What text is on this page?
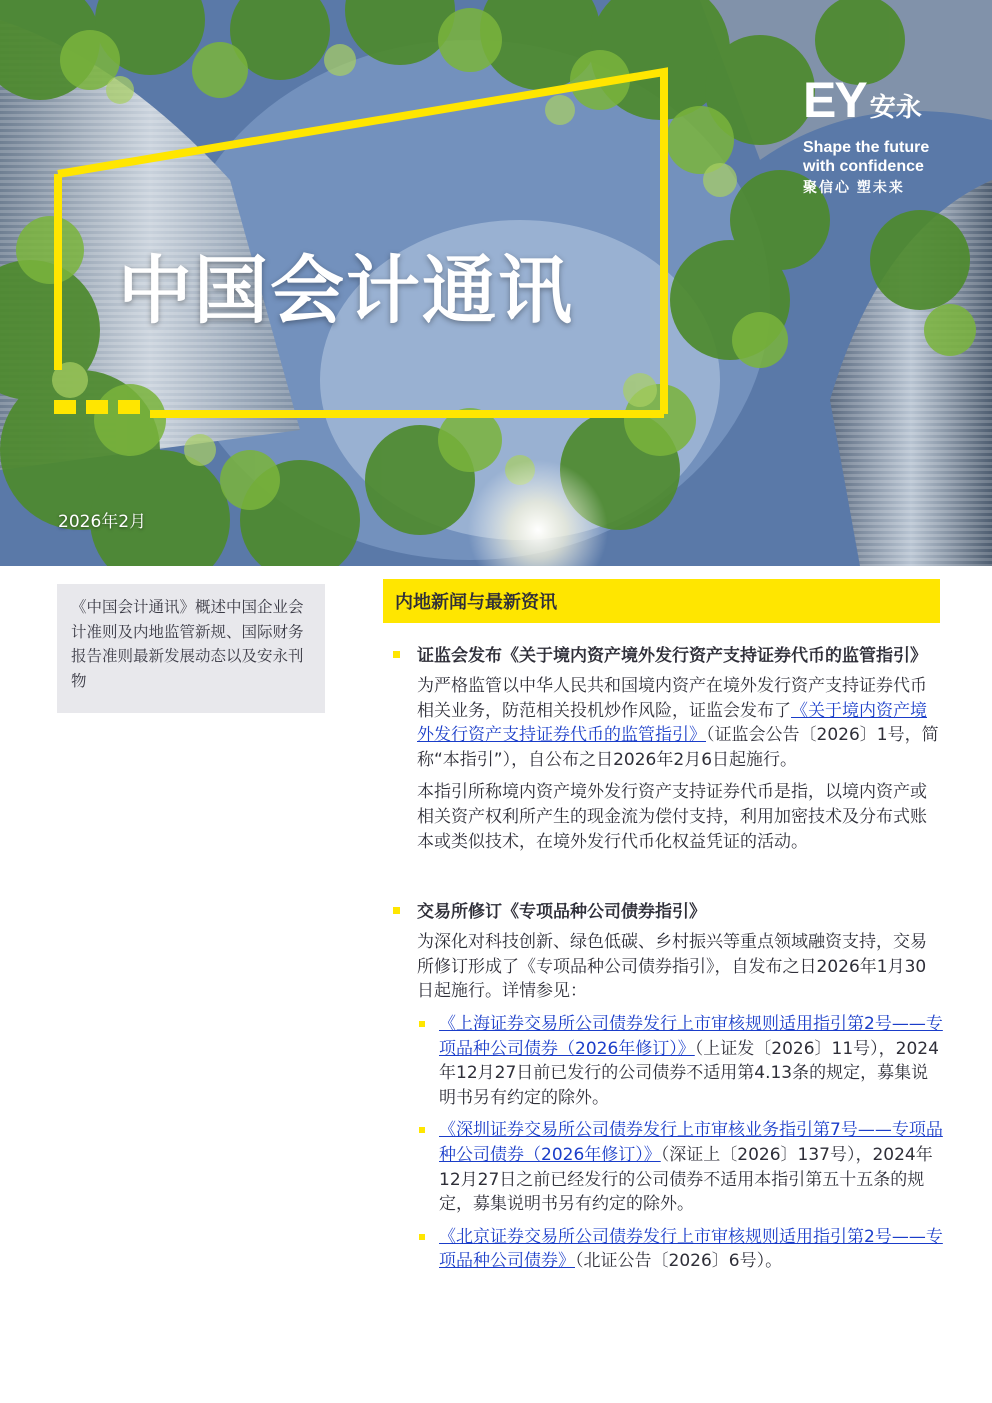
中国会计通讯
2026年2月
EY 安永
Shape the future
with confidence
聚信心 塑未来
《中国会计通讯》概述中国企业会计准则及内地监管新规、国际财务报告准则最新发展动态以及安永刊物
内地新闻与最新资讯
证监会发布《关于境内资产境外发行资产支持证券代币的监管指引》

为严格监管以中华人民共和国境内资产在境外发行资产支持证券代币相关业务，防范相关投机炒作风险，证监会发布了《关于境内资产境外发行资产支持证券代币的监管指引》（证监会公告〔2026〕1号，简称“本指引”），自公布之日2026年2月6日起施行。

本指引所称境内资产境外发行资产支持证券代币是指，以境内资产或相关资产权利所产生的现金流为偿付支持，利用加密技术及分布式账本或类似技术，在境外发行代币化权益凭证的活动。

交易所修订《专项品种公司债券指引》

为深化对科技创新、绿色低碳、乡村振兴等重点领域融资支持，交易所修订形成了《专项品种公司债券指引》，自发布之日2026年1月30日起施行。详情参见：

《上海证券交易所公司债券发行上市审核规则适用指引第2号——专项品种公司债券（2026年修订）》（上证发〔2026〕11号），2024年12月27日前已发行的公司债券不适用第4.13条的规定，募集说明书另有约定的除外。
《深圳证券交易所公司债券发行上市审核业务指引第7号——专项品种公司债券（2026年修订）》（深证上〔2026〕137号），2024年12月27日之前已经发行的公司债券不适用本指引第五十五条的规定，募集说明书另有约定的除外。
《北京证券交易所公司债券发行上市审核规则适用指引第2号——专项品种公司债券》（北证公告〔2026〕6号）。
